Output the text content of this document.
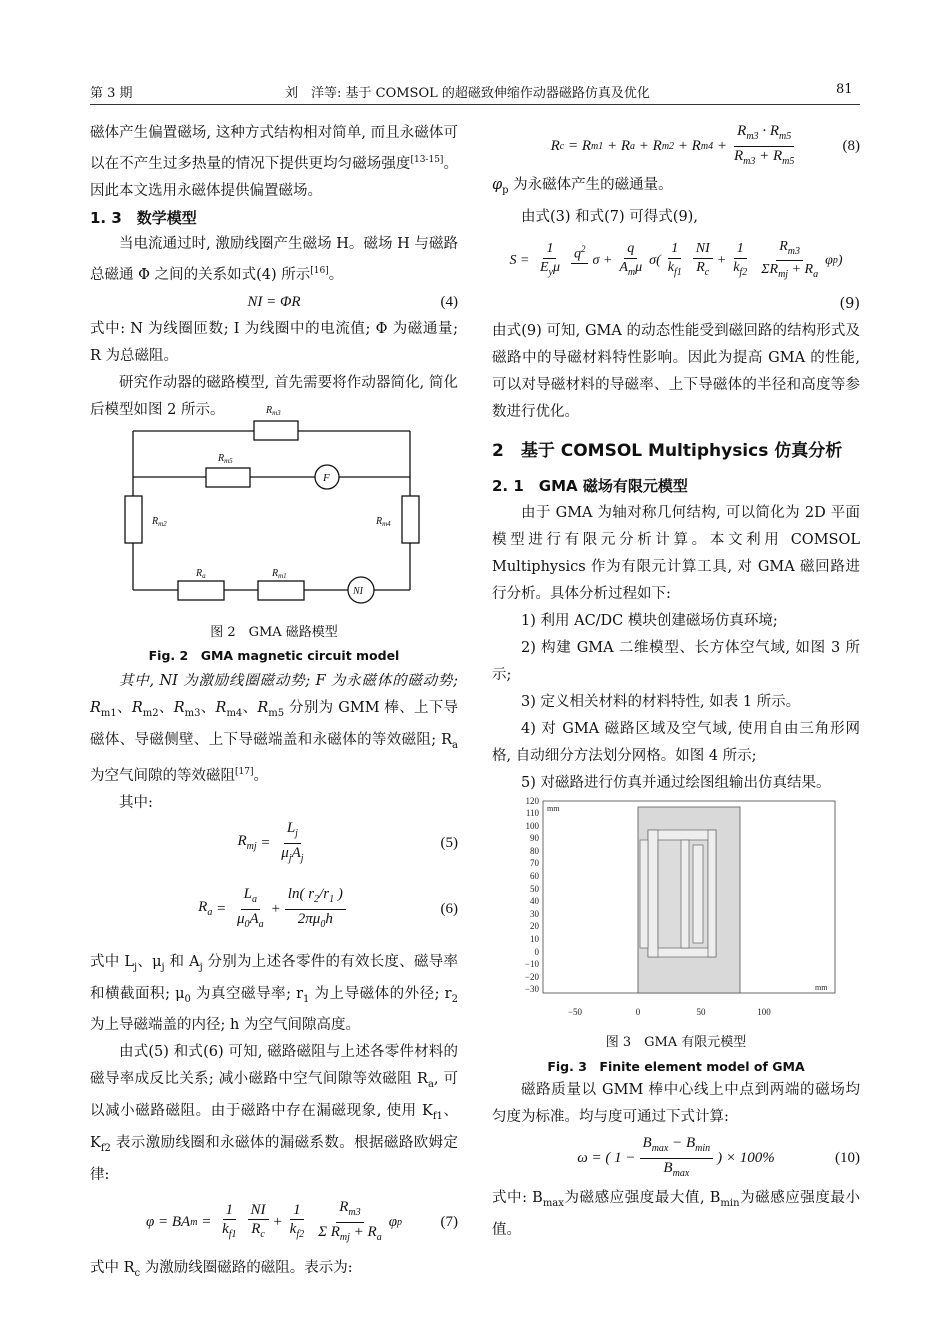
第 3 期	刘　洋等: 基于 COMSOL 的超磁致伸缩作动器磁路仿真及优化	81

磁体产生偏置磁场, 这种方式结构相对简单, 而且永磁体可以在不产生过多热量的情况下提供更均匀磁场强度[13-15]。因此本文选用永磁体提供偏置磁场。

1. 3　数学模型

当电流通过时, 激励线圈产生磁场 H。磁场 H 与磁路总磁通 Φ 之间的关系如式(4) 所示[16]。

NI = ΦR	(4)

式中: N 为线圈匝数; I 为线圈中的电流值; Φ 为磁通量; R 为总磁阻。

研究作动器的磁路模型, 首先需要将作动器简化, 简化后模型如图 2 所示。	$R_{m3}$
$R_{m5}$
F
$R_{m2}$	$R_{m4}$
$R_a$	$R_{m1}$
NI
图 2　GMA 磁路模型
Fig. 2　GMA magnetic circuit model

其中, NI 为激励线圈磁动势; F 为永磁体的磁动势; $R_{m1}$、$R_{m2}$、$R_{m3}$、$R_{m4}$、$R_{m5}$ 分别为 GMM 棒、上下导磁体、导磁侧壁、上下导磁端盖和永磁体的等效磁阻; $R_a$ 为空气间隙的等效磁阻[17]。

其中:

$R_{mj} = \frac{L_j}{\mu_jA_j}$	(5)
$R_a = \frac{L_a}{\mu_0A_a} + \frac{\ln( r_2/r_1 )}{2\pi\mu_0h}$	(6)

式中 $L_j$、$\mu_j$ 和 $A_j$ 分别为上述各零件的有效长度、磁导率和横截面积; $\mu_0$ 为真空磁导率; $r_1$ 为上导磁体的外径; $r_2$ 为上导磁端盖的内径; h 为空气间隙高度。

由式(5) 和式(6) 可知, 磁路磁阻与上述各零件材料的磁导率成反比关系; 减小磁路中空气间隙等效磁阻 $R_a$, 可以减小磁路磁阻。由于磁路中存在漏磁现象, 使用 $K_{f1}$、$K_{f2}$ 表示激励线圈和永磁体的漏磁系数。根据磁路欧姆定律:

φ = BA $m = \frac{1}{k_{f1}} \frac{NI}{R_c} + \frac{1}{k_{f2}} \frac{R_{m3}}{\Sigma R_{mj} + R_a}$ φ p	(7)

式中 $R_c$ 为激励线圈磁路的磁阻。表示为:

R c = R m1 + R a + R m2 + R $m4 + \frac{R_{m3} \cdot R_{m5}}{R_{m3} + R_{m5}}$	(8)

$\varphi_p$ 为永磁体产生的磁通量。

由式(3) 和式(7) 可得式(9),

$S = \frac{1}{E_y\mu} q^2$

$\sigma + \frac{q}{A_m\mu} \sigma( \frac{1}{k_{f1}} \frac{NI}{R_c} + \frac{1}{k_{f2}} \frac{R_{m3}}{\Sigma R_{mj} + R_a}$ φ p )
(9)

由式(9) 可知, GMA 的动态性能受到磁回路的结构形式及磁路中的导磁材料特性影响。因此为提高 GMA 的性能, 可以对导磁材料的导磁率、上下导磁体的半径和高度等参数进行优化。

2　基于 COMSOL Multiphysics 仿真分析

2. 1　GMA 磁场有限元模型

由于 GMA 为轴对称几何结构, 可以简化为 2D 平面模型进行有限元分析计算。本文利用 COMSOL Multiphysics 作为有限元计算工具, 对 GMA 磁回路进行分析。具体分析过程如下:

1) 利用 AC/DC 模块创建磁场仿真环境;

2) 构建 GMA 二维模型、长方体空气域, 如图 3 所示;

3) 定义相关材料的材料特性, 如表 1 所示。

4) 对 GMA 磁路区域及空气域, 使用自由三角形网格, 自动细分方法划分网格。如图 4 所示;

5) 对磁路进行仿真并通过绘图组输出仿真结果。

120
110
100
90
80
70
60
50
40
30
20
10
0
−10
−20
−30
−50	0	50	100
mm
mm
图 3　GMA 有限元模型
Fig. 3　Finite element model of GMA

磁路质量以 GMM 棒中心线上中点到两端的磁场均匀度为标准。均与度可通过下式计算:

ω = ( $1 - \frac{B_{max} - B_{min}}{B_{max}}$ ) × 100%	(10)

式中: $B_{max}$为磁感应强度最大值, $B_{min}$为磁感应强度最小值。
